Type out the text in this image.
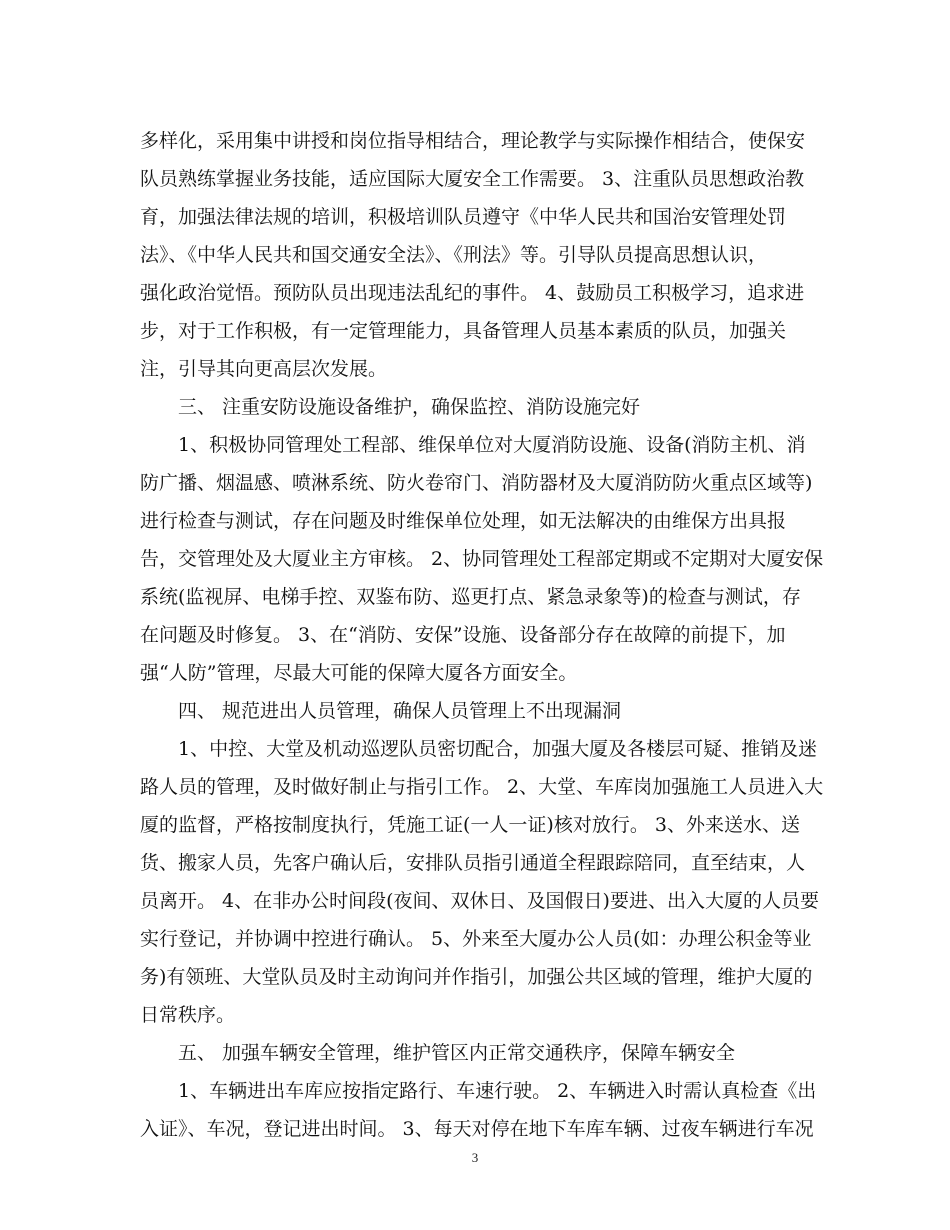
多样化，采用集中讲授和岗位指导相结合，理论教学与实际操作相结合，使保安
队员熟练掌握业务技能，适应国际大厦安全工作需要。 3、注重队员思想政治教
育，加强法律法规的培训，积极培训队员遵守《中华人民共和国治安管理处罚
法》、《中华人民共和国交通安全法》、《刑法》等。引导队员提高思想认识，
强化政治觉悟。预防队员出现违法乱纪的事件。 4、鼓励员工积极学习，追求进
步，对于工作积极，有一定管理能力，具备管理人员基本素质的队员，加强关
注，引导其向更高层次发展。
三、 注重安防设施设备维护，确保监控、消防设施完好
1、积极协同管理处工程部、维保单位对大厦消防设施、设备(消防主机、消
防广播、烟温感、喷淋系统、防火卷帘门、消防器材及大厦消防防火重点区域等)
进行检查与测试，存在问题及时维保单位处理，如无法解决的由维保方出具报
告，交管理处及大厦业主方审核。 2、协同管理处工程部定期或不定期对大厦安保
系统(监视屏、电梯手控、双鉴布防、巡更打点、紧急录象等)的检查与测试，存
在问题及时修复。 3、在“消防、安保”设施、设备部分存在故障的前提下，加
强“人防”管理，尽最大可能的保障大厦各方面安全。
四、 规范进出人员管理，确保人员管理上不出现漏洞
1、中控、大堂及机动巡逻队员密切配合，加强大厦及各楼层可疑、推销及迷
路人员的管理，及时做好制止与指引工作。 2、大堂、车库岗加强施工人员进入大
厦的监督，严格按制度执行，凭施工证(一人一证)核对放行。 3、外来送水、送
货、搬家人员，先客户确认后，安排队员指引通道全程跟踪陪同，直至结束，人
员离开。 4、在非办公时间段(夜间、双休日、及国假日)要进、出入大厦的人员要
实行登记，并协调中控进行确认。 5、外来至大厦办公人员(如：办理公积金等业
务)有领班、大堂队员及时主动询问并作指引，加强公共区域的管理，维护大厦的
日常秩序。
五、 加强车辆安全管理，维护管区内正常交通秩序，保障车辆安全
1、车辆进出车库应按指定路行、车速行驶。 2、车辆进入时需认真检查《出
入证》、车况，登记进出时间。 3、每天对停在地下车库车辆、过夜车辆进行车况
3
